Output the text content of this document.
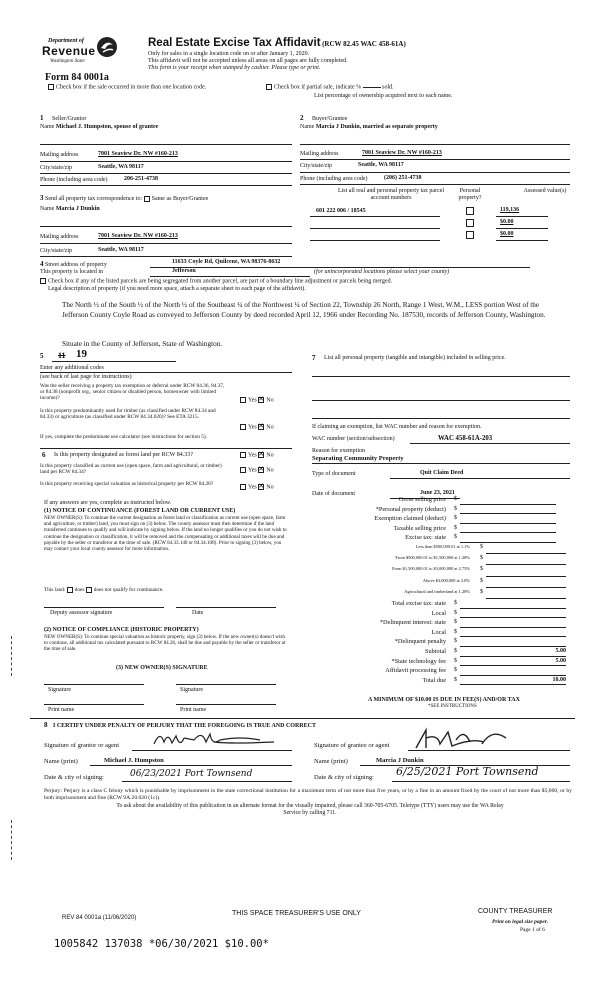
Department of
Revenue
Washington State
Real Estate Excise Tax Affidavit (RCW 82.45 WAC 458-61A)
Only for sales in a single location code on or after January 1, 2020.
This affidavit will not be accepted unless all areas on all pages are fully completed.
This form is your receipt when stamped by cashier. Please type or print.
Form 84 0001a
Check box if the sale occurred in more than one location code.	Check box if partial sale, indicate %	sold.
List percentage of ownership acquired next to each name.
1 Seller/Grantor
Name Michael J. Humpston, spouse of grantee
Mailing address	7001 Seaview Dr. NW #160-213
City/state/zip	Seattle, WA 98117
Phone (including area code)	206-251-4738
2 Buyer/Grantee
Name Marcia J Dunkin, married as separate property
Mailing address	7001 Seaview Dr. NW #160-213
City/state/zip	Seattle, WA 98117
Phone (including area code)	(206) 251-4738
3 Send all property tax correspondence to: Same as Buyer/Grantee
Name Marcia J Dunkin
Mailing address	7001 Seaview Dr. NW #160-213
City/state/zip	Seattle, WA 98117
List all real and personal property tax parcel account numbers
Personal property?
Assessed value(s)
601 222 006 / 18545	119,136
$0.00
$0.00
4 Street address of property	11633 Coyle Rd, Quilcene, WA 98376-8632
This property is located in	Jefferson	(for unincorporated locations please select your county)
Check box if any of the listed parcels are being segregated from another parcel, are part of a boundary line adjustment or parcels being merged.
Legal description of property (if you need more space, attach a separate sheet to each page of the affidavit).
The North ½ of the South ½ of the North ½ of the Southeast ¼ of the Northwest ¼ of Section 22, Township 26 North, Range 1 West, W.M., LESS portion West of the Jefferson County Coyle Road as conveyed to Jefferson County by deed recorded April 12, 1966 under Recording No. 187530, records of Jefferson County, Washington.
Situate in the County of Jefferson, State of Washington.
5 11 19
Enter any additional codes
(see back of last page for instructions)
Was the seller receiving a property tax exemption or deferral under RCW 84.36, 84.37, or 84.38 (nonprofit org., senior citizen or disabled person, homeowner with limited income)?	Yes ✕ No
Is this property predominantly used for timber (as classified under RCW 84.34 and 84.33) or agriculture (as classified under RCW 84.34.020)? See ETA 3215.
Yes ✕ No
If yes, complete the predominate use calculator (see instructions for section 5).
6 Is this property designated as forest land per RCW 84.33?	Yes ✕ No
Is this property classified as current use (open space, farm and agricultural, or timber) land per RCW 84.34?	Yes ✕ No
Is this property receiving special valuation as historical property per RCW 84.26?
Yes ✕ No
If any answers are yes, complete as instructed below.
(1) NOTICE OF CONTINUANCE (FOREST LAND OR CURRENT USE)
NEW OWNER(S): To continue the current designation as forest land or classification as current use (open space, farm and agriculture, or timber) land, you must sign on (3) below. The county assessor must then determine if the land transferred continues to qualify and will indicate by signing below. If the land no longer qualifies or you do not wish to continue the designation or classification, it will be removed and the compensating or additional taxes will be due and payable by the seller or transferor at the time of sale. (RCW 84.33.140 or 84.34.108). Prior to signing (3) below, you may contact your local county assessor for more information.
This land: does does not qualify for continuance.
Deputy assessor signature	Date
(2) NOTICE OF COMPLIANCE (HISTORIC PROPERTY)
NEW OWNER(S): To continue special valuation as historic property, sign (3) below. If the new owner(s) doesn't wish to continue, all additional tax calculated pursuant to RCW 84.26, shall be due and payable by the seller or transferor at the time of sale.
(3) NEW OWNER(S) SIGNATURE
Signature	Signature
Print name	Print name
7 List all personal property (tangible and intangible) included in selling price.
If claiming an exemption, list WAC number and reason for exemption.
WAC number (section/subsection)	WAC 458-61A-203
Reason for exemption
Separating Community Property
Type of document	Quit Claim Deed
Date of document	June 23, 2021
Gross selling price $
*Personal property (deduct) $
Exemption claimed (deduct) $
Taxable selling price $
Excise tax: state $
Less than $500,000.01 at 1.1% $
From $500,000.01 to $1,500,000 at 1.28% $
From $1,500,000.01 to $3,000,000 at 2.75% $
Above $3,000,000 at 3.0% $
Agricultural and timberland at 1.28% $
Total excise tax: state $
Local $
*Delinquent interest: state $
Local $
*Delinquent penalty $
Subtotal $	5.00
*State technology fee $	5.00
Affidavit processing fee $
Total due $	10.00
A MINIMUM OF $10.00 IS DUE IN FEE(S) AND/OR TAX
*SEE INSTRUCTIONS
8 I CERTIFY UNDER PENALTY OF PERJURY THAT THE FOREGOING IS TRUE AND CORRECT
Signature of grantor or agent
Name (print)	Michael J. Humpston
Date & city of signing:	06/23/2021 Port Townsend
Signature of grantee or agent
Name (print)	Marcia J Dunkin
Date & city of signing: 6/25/2021 Port Townsend
Perjury: Perjury is a class C felony which is punishable by imprisonment in the state correctional institution for a maximum term of not more than five years, or by a fine in an amount fixed by the court of not more than $5,000, or by both imprisonment and fine (RCW 9A.20.020 (1c)).
To ask about the availability of this publication in an alternate format for the visually impaired, please call 360-705-6705. Teletype (TTY) users may use the WA Relay Service by calling 711.
REV 84 0001a (11/06/2020)
THIS SPACE TREASURER'S USE ONLY	COUNTY TREASURER
Print on legal size paper.
Page 1 of 6
1005842 137038 *06/30/2021 $10.00*
